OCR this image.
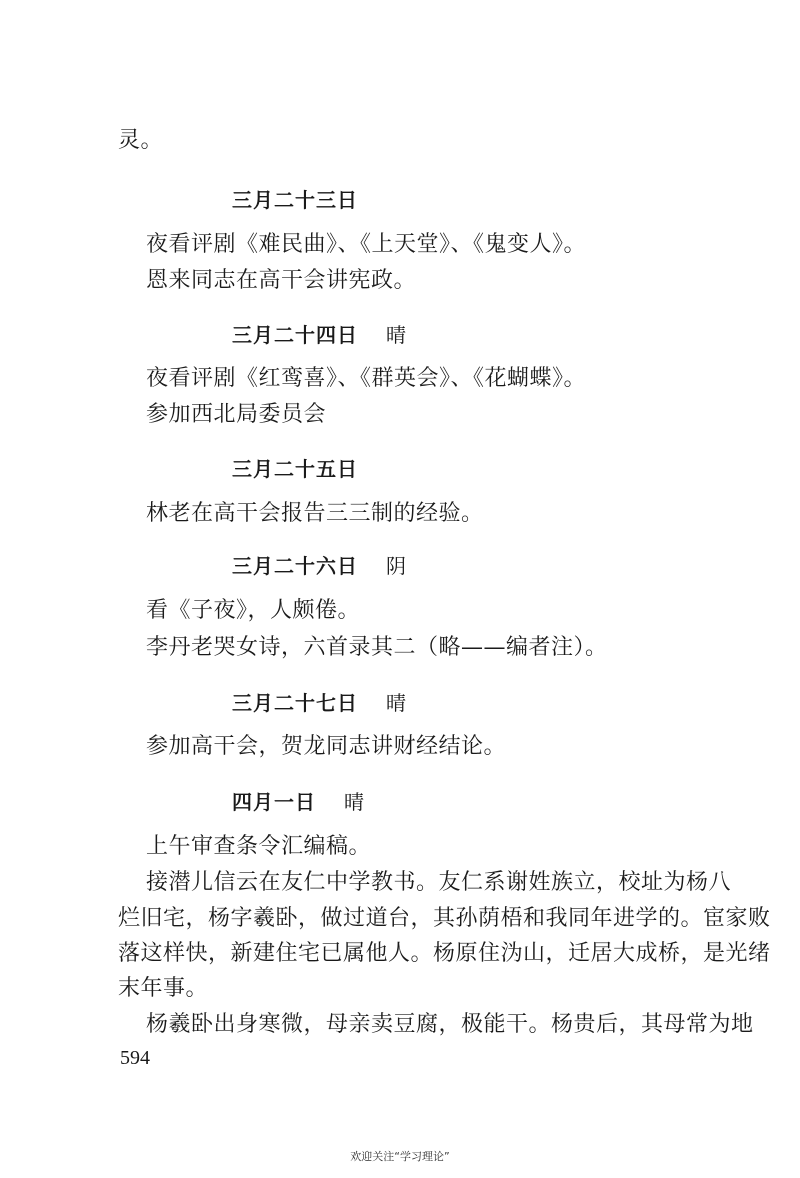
灵。
三月二十三日
夜看评剧《难民曲》、《上天堂》、《鬼变人》。
恩来同志在高干会讲宪政。
三月二十四日 晴
夜看评剧《红鸾喜》、《群英会》、《花蝴蝶》。
参加西北局委员会
三月二十五日
林老在高干会报告三三制的经验。
三月二十六日 阴
看《子夜》，人颇倦。
李丹老哭女诗，六首录其二（略——编者注）。
三月二十七日 晴
参加高干会，贺龙同志讲财经结论。
四月一日 晴
上午审查条令汇编稿。
接潜儿信云在友仁中学教书。友仁系谢姓族立，校址为杨八
烂旧宅，杨字羲卧，做过道台，其孙荫梧和我同年进学的。宦家败
落这样快，新建住宅已属他人。杨原住沩山，迁居大成桥，是光绪
末年事。
杨羲卧出身寒微，母亲卖豆腐，极能干。杨贵后，其母常为地
594
欢迎关注“学习理论”
